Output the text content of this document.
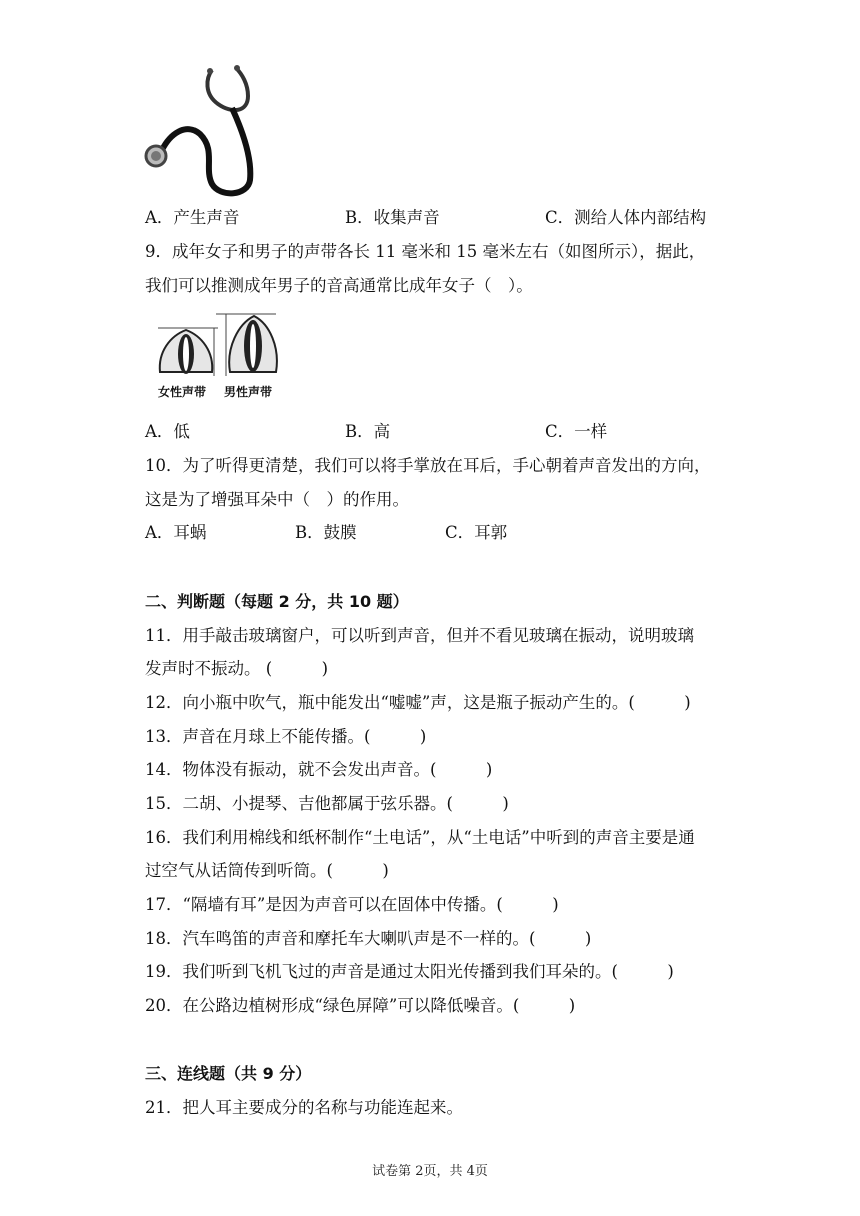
A．产生声音	B．收集声音	C．测给人体内部结构
9．成年女子和男子的声带各长 11 毫米和 15 毫米左右（如图所示），据此，
我们可以推测成年男子的音高通常比成年女子（　）。
女性声带 男性声带
A．低	B．高	C．一样
10．为了听得更清楚，我们可以将手掌放在耳后，手心朝着声音发出的方向，
这是为了增强耳朵中（　）的作用。
A．耳蜗	B．鼓膜	C．耳郭
二、判断题（每题 2 分，共 10 题）
11．用手敲击玻璃窗户，可以听到声音，但并不看见玻璃在振动，说明玻璃
发声时不振动。 (　　　)
12．向小瓶中吹气，瓶中能发出“嘘嘘”声，这是瓶子振动产生的。(　　　)
13．声音在月球上不能传播。(　　　)
14．物体没有振动，就不会发出声音。(　　　)
15．二胡、小提琴、吉他都属于弦乐器。(　　　)
16．我们利用棉线和纸杯制作“土电话”，从“土电话”中听到的声音主要是通
过空气从话筒传到听筒。(　　　)
17．“隔墙有耳”是因为声音可以在固体中传播。(　　　)
18．汽车鸣笛的声音和摩托车大喇叭声是不一样的。(　　　)
19．我们听到飞机飞过的声音是通过太阳光传播到我们耳朵的。(　　　)
20．在公路边植树形成“绿色屏障”可以降低噪音。(　　　)
三、连线题（共 9 分）
21．把人耳主要成分的名称与功能连起来。
试卷第 2页，共 4页
